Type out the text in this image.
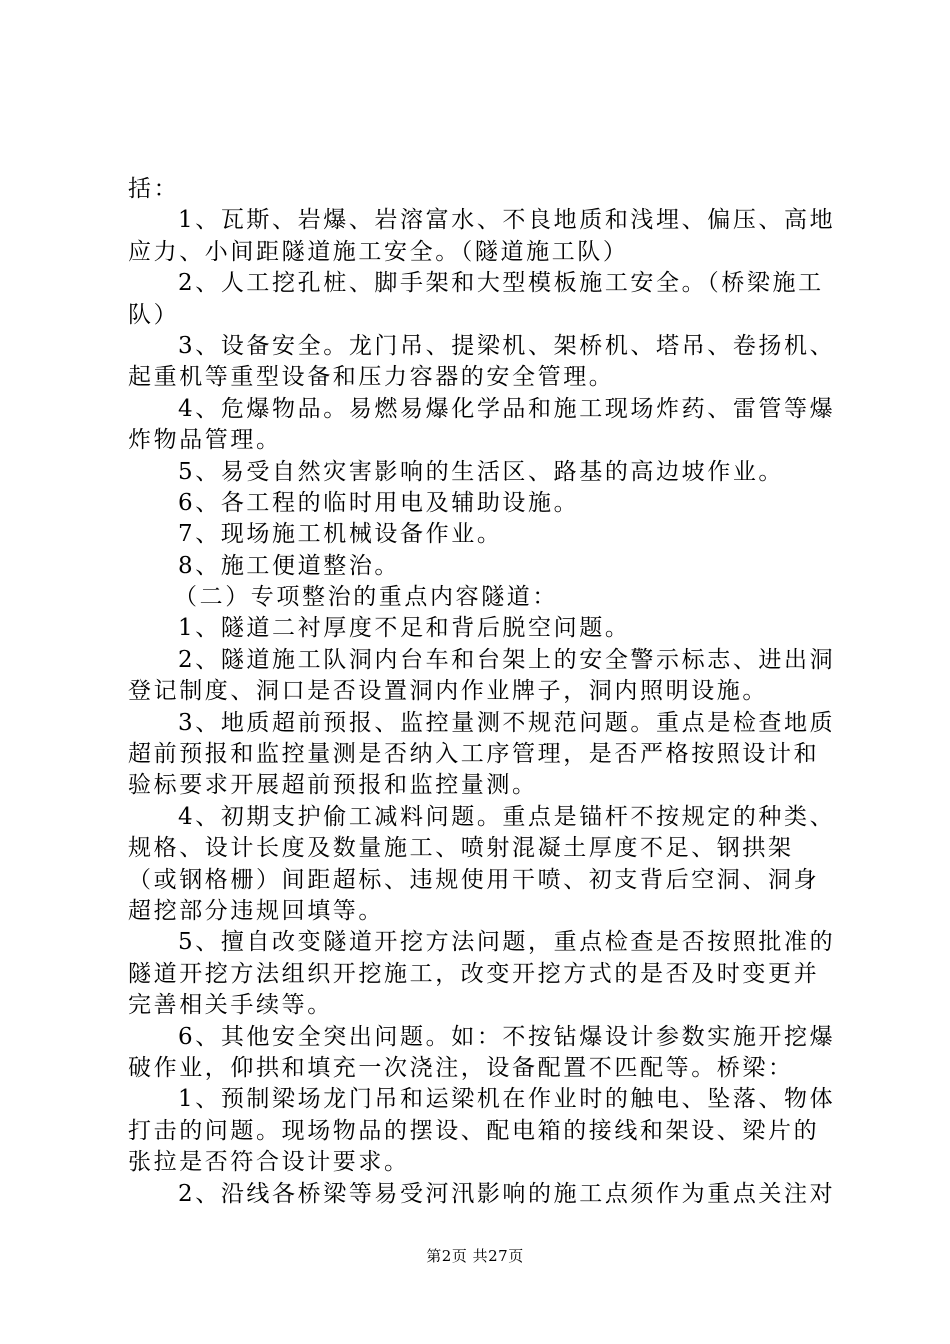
括：
1、瓦斯、岩爆、岩溶富水、不良地质和浅埋、偏压、高地
应力、小间距隧道施工安全。（隧道施工队）
2、人工挖孔桩、脚手架和大型模板施工安全。（桥梁施工
队）
3、设备安全。龙门吊、提梁机、架桥机、塔吊、卷扬机、
起重机等重型设备和压力容器的安全管理。
4、危爆物品。易燃易爆化学品和施工现场炸药、雷管等爆
炸物品管理。
5、易受自然灾害影响的生活区、路基的高边坡作业。
6、各工程的临时用电及辅助设施。
7、现场施工机械设备作业。
8、施工便道整治。
（二）专项整治的重点内容隧道：
1、隧道二衬厚度不足和背后脱空问题。
2、隧道施工队洞内台车和台架上的安全警示标志、进出洞
登记制度、洞口是否设置洞内作业牌子，洞内照明设施。
3、地质超前预报、监控量测不规范问题。重点是检查地质
超前预报和监控量测是否纳入工序管理，是否严格按照设计和
验标要求开展超前预报和监控量测。
4、初期支护偷工减料问题。重点是锚杆不按规定的种类、
规格、设计长度及数量施工、喷射混凝土厚度不足、钢拱架
（或钢格栅）间距超标、违规使用干喷、初支背后空洞、洞身
超挖部分违规回填等。
5、擅自改变隧道开挖方法问题，重点检查是否按照批准的
隧道开挖方法组织开挖施工，改变开挖方式的是否及时变更并
完善相关手续等。
6、其他安全突出问题。如：不按钻爆设计参数实施开挖爆
破作业，仰拱和填充一次浇注，设备配置不匹配等。桥梁：
1、预制梁场龙门吊和运梁机在作业时的触电、坠落、物体
打击的问题。现场物品的摆设、配电箱的接线和架设、梁片的
张拉是否符合设计要求。
2、沿线各桥梁等易受河汛影响的施工点须作为重点关注对
第2页 共27页
